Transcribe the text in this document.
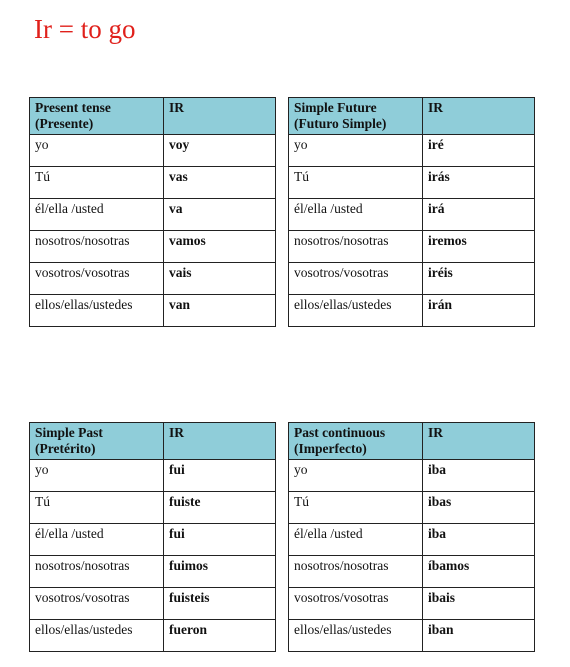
Ir = to go
Present tense
(Presente)	IR
yo	voy
Tú	vas
él/ella /usted	va
nosotros/nosotras	vamos
vosotros/vosotras	vais
ellos/ellas/ustedes	van
Simple Future
(Futuro Simple)	IR
yo	iré
Tú	irás
él/ella /usted	irá
nosotros/nosotras	iremos
vosotros/vosotras	iréis
ellos/ellas/ustedes	irán
Simple Past
(Pretérito)	IR
yo	fui
Tú	fuiste
él/ella /usted	fui
nosotros/nosotras	fuimos
vosotros/vosotras	fuisteis
ellos/ellas/ustedes	fueron
Past continuous
(Imperfecto)	IR
yo	iba
Tú	ibas
él/ella /usted	iba
nosotros/nosotras	íbamos
vosotros/vosotras	ibais
ellos/ellas/ustedes	iban
